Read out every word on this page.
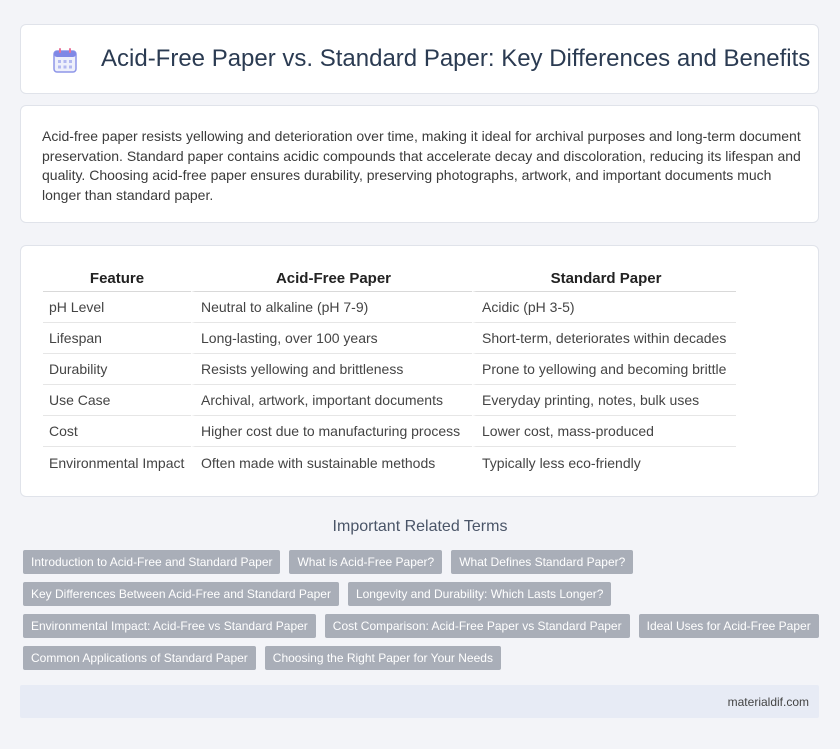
Acid-Free Paper vs. Standard Paper: Key Differences and Benefits

Acid-free paper resists yellowing and deterioration over time, making it ideal for archival purposes and long-term document preservation. Standard paper contains acidic compounds that accelerate decay and discoloration, reducing its lifespan and quality. Choosing acid-free paper ensures durability, preserving photographs, artwork, and important documents much longer than standard paper.

Feature	Acid-Free Paper	Standard Paper
pH Level	Neutral to alkaline (pH 7-9)	Acidic (pH 3-5)
Lifespan	Long-lasting, over 100 years	Short-term, deteriorates within decades
Durability	Resists yellowing and brittleness	Prone to yellowing and becoming brittle
Use Case	Archival, artwork, important documents	Everyday printing, notes, bulk uses
Cost	Higher cost due to manufacturing process	Lower cost, mass-produced
Environmental Impact	Often made with sustainable methods	Typically less eco-friendly
Important Related Terms
Introduction to Acid-Free and Standard Paper	What is Acid-Free Paper?	What Defines Standard Paper?
Key Differences Between Acid-Free and Standard Paper	Longevity and Durability: Which Lasts Longer?
Environmental Impact: Acid-Free vs Standard Paper	Cost Comparison: Acid-Free Paper vs Standard Paper	Ideal Uses for Acid-Free Paper
Common Applications of Standard Paper	Choosing the Right Paper for Your Needs
materialdif.com
